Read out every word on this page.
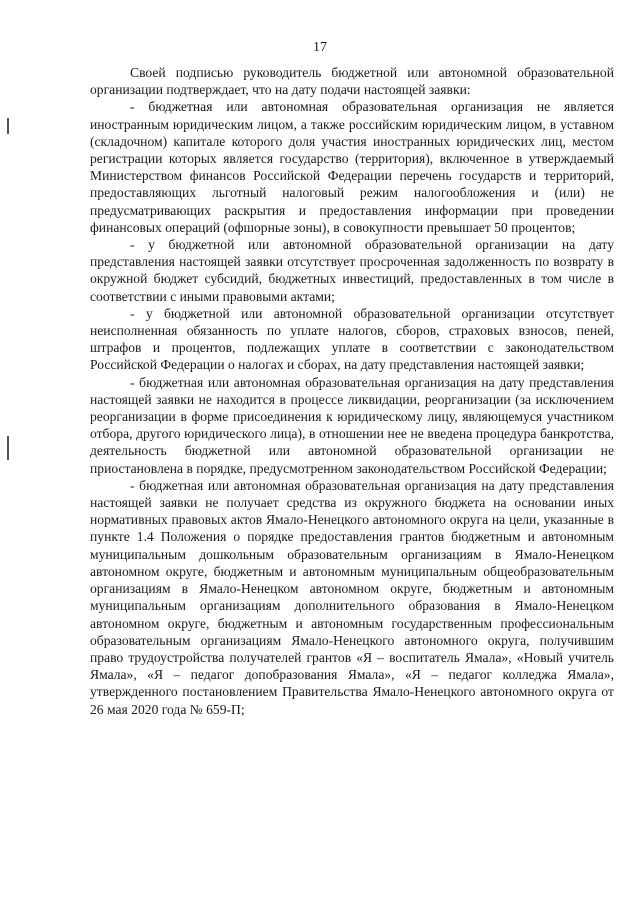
17

Своей подписью руководитель бюджетной или автономной образовательной организации подтверждает, что на дату подачи настоящей заявки:

- бюджетная или автономная образовательная организация не является иностранным юридическим лицом, а также российским юридическим лицом, в уставном (складочном) капитале которого доля участия иностранных юридических лиц, местом регистрации которых является государство (территория), включенное в утверждаемый Министерством финансов Российской Федерации перечень государств и территорий, предоставляющих льготный налоговый режим налогообложения и (или) не предусматривающих раскрытия и предоставления информации при проведении финансовых операций (офшорные зоны), в совокупности превышает 50 процентов;

- у бюджетной или автономной образовательной организации на дату представления настоящей заявки отсутствует просроченная задолженность по возврату в окружной бюджет субсидий, бюджетных инвестиций, предоставленных в том числе в соответствии с иными правовыми актами;

- у бюджетной или автономной образовательной организации отсутствует неисполненная обязанность по уплате налогов, сборов, страховых взносов, пеней, штрафов и процентов, подлежащих уплате в соответствии с законодательством Российской Федерации о налогах и сборах, на дату представления настоящей заявки;

- бюджетная или автономная образовательная организация на дату представления настоящей заявки не находится в процессе ликвидации, реорганизации (за исключением реорганизации в форме присоединения к юридическому лицу, являющемуся участником отбора, другого юридического лица), в отношении нее не введена процедура банкротства, деятельность бюджетной или автономной образовательной организации не приостановлена в порядке, предусмотренном законодательством Российской Федерации;

- бюджетная или автономная образовательная организация на дату представления настоящей заявки не получает средства из окружного бюджета на основании иных нормативных правовых актов Ямало-Ненецкого автономного округа на цели, указанные в пункте 1.4 Положения о порядке предоставления грантов бюджетным и автономным муниципальным дошкольным образовательным организациям в Ямало-Ненецком автономном округе, бюджетным и автономным муниципальным общеобразовательным организациям в Ямало-Ненецком автономном округе, бюджетным и автономным муниципальным организациям дополнительного образования в Ямало-Ненецком автономном округе, бюджетным и автономным государственным профессиональным образовательным организациям Ямало-Ненецкого автономного округа, получившим право трудоустройства получателей грантов «Я – воспитатель Ямала», «Новый учитель Ямала», «Я – педагог допобразования Ямала», «Я – педагог колледжа Ямала», утвержденного постановлением Правительства Ямало-Ненецкого автономного округа от 26 мая 2020 года № 659-П;
